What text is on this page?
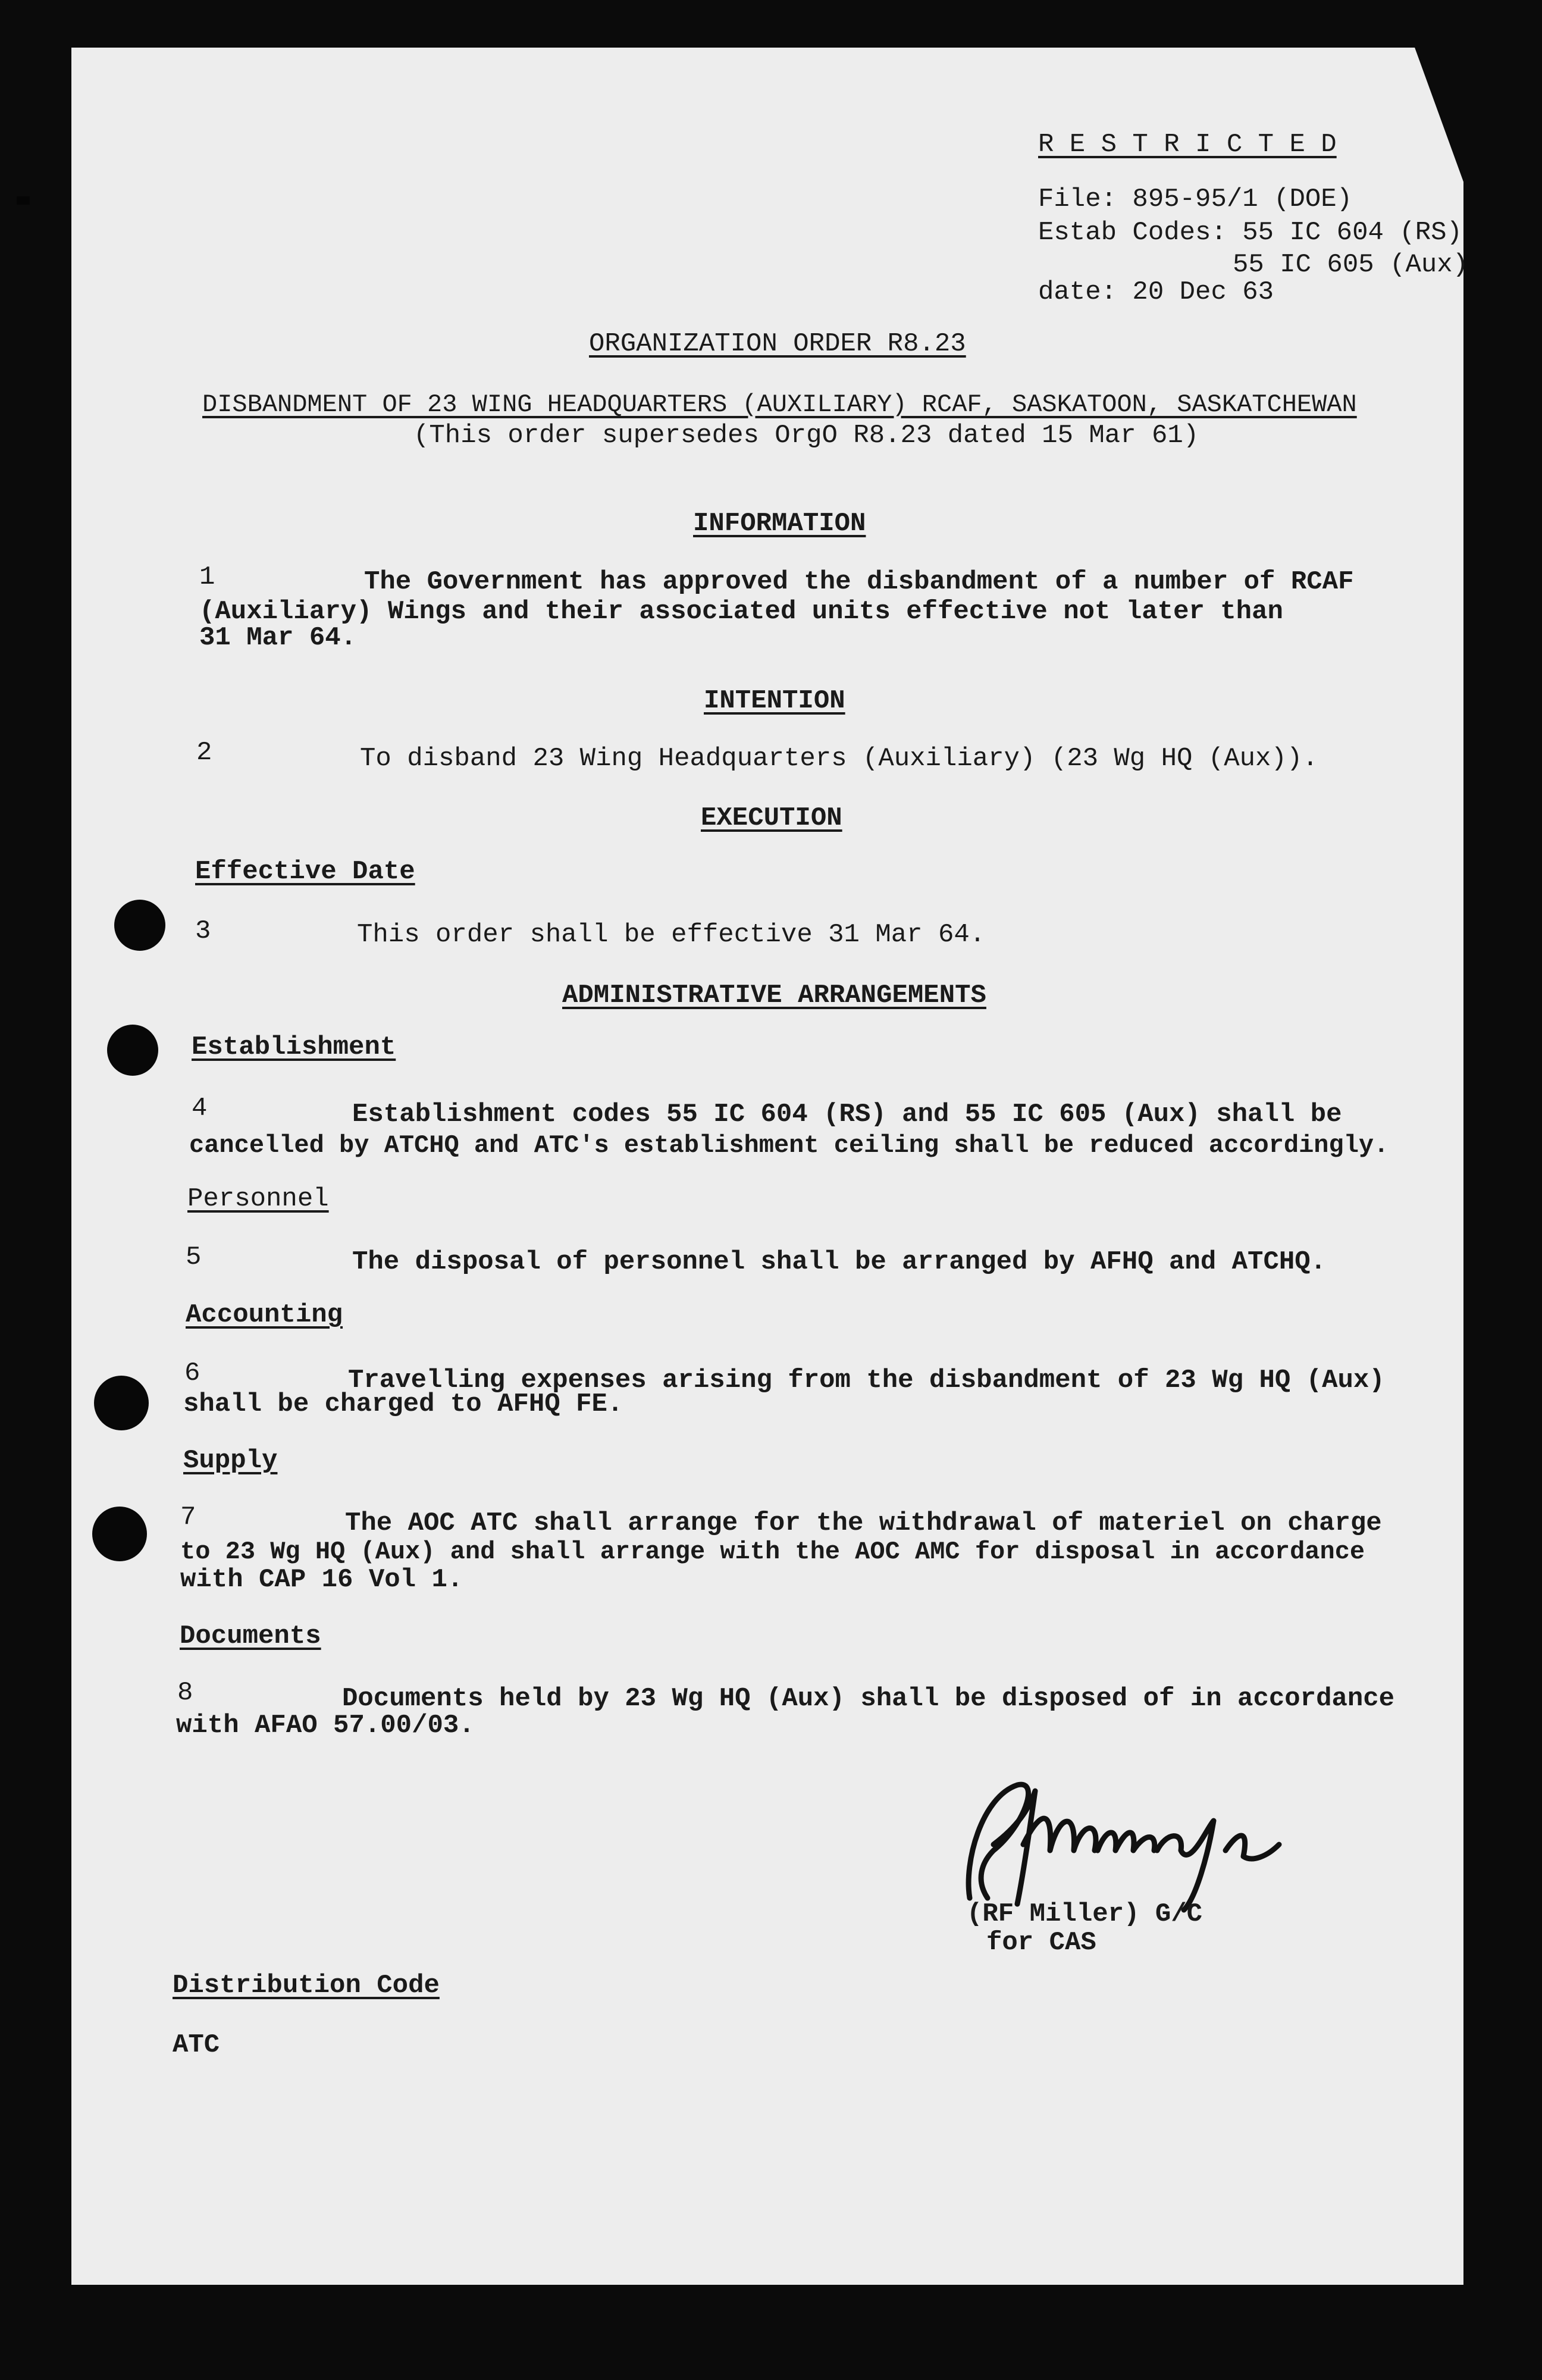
R E S T R I C T E D
File: 895-95/1 (DOE)
Estab Codes: 55 IC 604 (RS)
55 IC 605 (Aux)
date: 20 Dec 63
ORGANIZATION ORDER R8.23
DISBANDMENT OF 23 WING HEADQUARTERS (AUXILIARY) RCAF, SASKATOON, SASKATCHEWAN
(This order supersedes OrgO R8.23 dated 15 Mar 61)
INFORMATION
1	The Government has approved the disbandment of a number of RCAF
(Auxiliary) Wings and their associated units effective not later than
31 Mar 64.
INTENTION
2	To disband 23 Wing Headquarters (Auxiliary) (23 Wg HQ (Aux)).
EXECUTION
Effective Date
3	This order shall be effective 31 Mar 64.
ADMINISTRATIVE ARRANGEMENTS
Establishment
4	Establishment codes 55 IC 604 (RS) and 55 IC 605 (Aux) shall be
cancelled by ATCHQ and ATC's establishment ceiling shall be reduced accordingly.
Personnel
5	The disposal of personnel shall be arranged by AFHQ and ATCHQ.
Accounting
6	Travelling expenses arising from the disbandment of 23 Wg HQ (Aux)
shall be charged to AFHQ FE.
Supply
7	The AOC ATC shall arrange for the withdrawal of materiel on charge
to 23 Wg HQ (Aux) and shall arrange with the AOC AMC for disposal in accordance
with CAP 16 Vol 1.
Documents
8	Documents held by 23 Wg HQ (Aux) shall be disposed of in accordance
with AFAO 57.00/03.
(RF Miller) G/C
for CAS
Distribution Code
ATC
